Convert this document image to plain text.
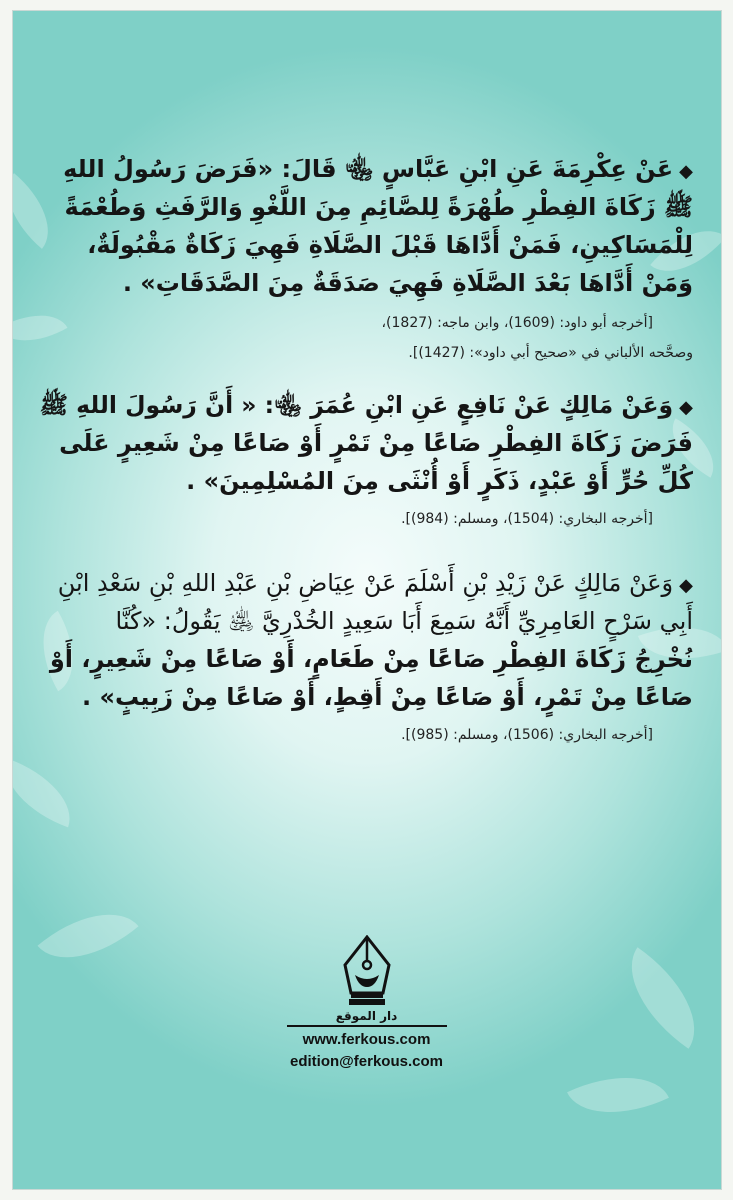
◆عَنْ عِكْرِمَةَ عَنِ ابْنِ عَبَّاسٍ ﵄ قَالَ: «فَرَضَ رَسُولُ اللهِ
ﷺ زَكَاةَ الفِطْرِ طُهْرَةً لِلصَّائِمِ مِنَ اللَّغْوِ وَالرَّفَثِ وَطُعْمَةً
لِلْمَسَاكِينِ، فَمَنْ أَدَّاهَا قَبْلَ الصَّلَاةِ فَهِيَ زَكَاةٌ مَقْبُولَةٌ،
وَمَنْ أَدَّاهَا بَعْدَ الصَّلَاةِ فَهِيَ صَدَقَةٌ مِنَ الصَّدَقَاتِ» .
[أخرجه أبو داود: (1609)، وابن ماجه: (1827)،
وصحَّحه الألباني في «صحيح أبي داود»: (1427)].
◆وَعَنْ مَالِكٍ عَنْ نَافِعٍ عَنِ ابْنِ عُمَرَ ﵄: « أَنَّ رَسُولَ اللهِ ﷺ
فَرَضَ زَكَاةَ الفِطْرِ صَاعًا مِنْ تَمْرٍ أَوْ صَاعًا مِنْ شَعِيرٍ عَلَى
كُلِّ حُرٍّ أَوْ عَبْدٍ، ذَكَرٍ أَوْ أُنْثَى مِنَ المُسْلِمِينَ» .
[أخرجه البخاري: (1504)، ومسلم: (984)].
◆وَعَنْ مَالِكٍ عَنْ زَيْدِ بْنِ أَسْلَمَ عَنْ عِيَاضِ بْنِ عَبْدِ اللهِ بْنِ سَعْدِ ابْنِ
أَبِي سَرْحٍ العَامِرِيِّ أَنَّهُ سَمِعَ أَبَا سَعِيدٍ الخُدْرِيَّ ﵁ يَقُولُ: «كُنَّا
نُخْرِجُ زَكَاةَ الفِطْرِ صَاعًا مِنْ طَعَامٍ، أَوْ صَاعًا مِنْ شَعِيرٍ، أَوْ
صَاعًا مِنْ تَمْرٍ، أَوْ صَاعًا مِنْ أَقِطٍ، أَوْ صَاعًا مِنْ زَبِيبٍ» .
[أخرجه البخاري: (1506)، ومسلم: (985)].
دار الموقع
www.ferkous.com
edition@ferkous.com
